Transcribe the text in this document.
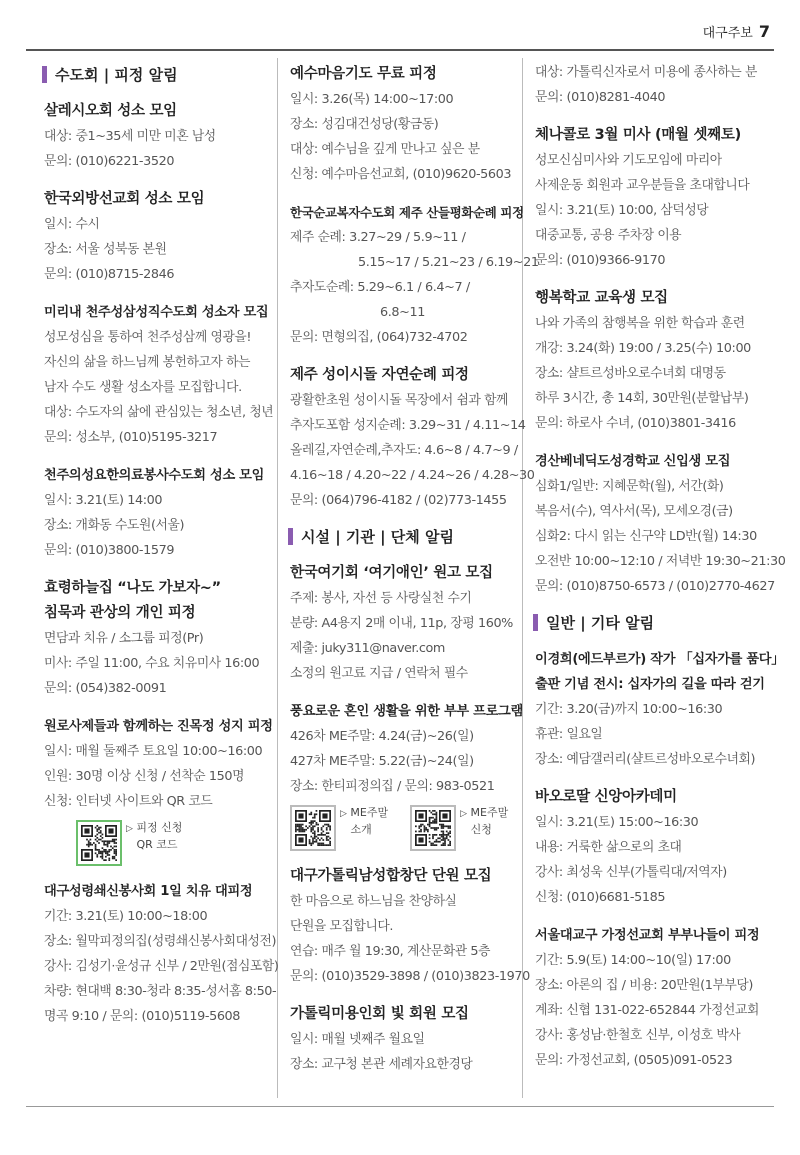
대구주보 7
수도회 | 피정 알림
살레시오회 성소 모임
대상: 중1~35세 미만 미혼 남성
문의: (010)6221-3520
한국외방선교회 성소 모임
일시: 수시
장소: 서울 성북동 본원
문의: (010)8715-2846
미리내 천주성삼성직수도회 성소자 모집
성모성심을 통하여 천주성삼께 영광을!
자신의 삶을 하느님께 봉헌하고자 하는
남자 수도 생활 성소자를 모집합니다.
대상: 수도자의 삶에 관심있는 청소년, 청년
문의: 성소부, (010)5195-3217
천주의성요한의료봉사수도회 성소 모임
일시: 3.21(토) 14:00
장소: 개화동 수도원(서울)
문의: (010)3800-1579
효령하늘집 “나도 가보자~”
침묵과 관상의 개인 피정
면담과 치유 / 소그룹 피정(Pr)
미사: 주일 11:00, 수요 치유미사 16:00
문의: (054)382-0091
원로사제들과 함께하는 진목정 성지 피정
일시: 매월 둘째주 토요일 10:00~16:00
인원: 30명 이상 신청 / 선착순 150명
신청: 인터넷 사이트와 QR 코드
▷ 피정 신청
QR 코드
대구성령쇄신봉사회 1일 치유 대피정
기간: 3.21(토) 10:00~18:00
장소: 월막피정의집(성령쇄신봉사회대성전)
강사: 김성기·윤성규 신부 / 2만원(점심포함)
차량: 현대백 8:30-청라 8:35-성서홈 8:50-
명곡 9:10 / 문의: (010)5119-5608
예수마음기도 무료 피정
일시: 3.26(목) 14:00~17:00
장소: 성김대건성당(황금동)
대상: 예수님을 깊게 만나고 싶은 분
신청: 예수마음선교회, (010)9620-5603
한국순교복자수도회 제주 산들평화순례 피정
제주 순례: 3.27~29 / 5.9~11 /
5.15~17 / 5.21~23 / 6.19~21
추자도순례: 5.29~6.1 / 6.4~7 /
6.8~11
문의: 면형의집, (064)732-4702
제주 성이시돌 자연순례 피정
광활한초원 성이시돌 목장에서 쉼과 함께
추자도포함 성지순례: 3.29~31 / 4.11~14
올레길,자연순례,추자도: 4.6~8 / 4.7~9 /
4.16~18 / 4.20~22 / 4.24~26 / 4.28~30
문의: (064)796-4182 / (02)773-1455
시설 | 기관 | 단체 알림
한국여기회 ‘여기애인’ 원고 모집
주제: 봉사, 자선 등 사랑실천 수기
분량: A4용지 2매 이내, 11p, 장평 160%
제출: juky311@naver.com
소정의 원고료 지급 / 연락처 필수
풍요로운 혼인 생활을 위한 부부 프로그램
426차 ME주말: 4.24(금)~26(일)
427차 ME주말: 5.22(금)~24(일)
장소: 한티피정의집 / 문의: 983-0521
▷ ME주말
소개
▷ ME주말
신청
대구가톨릭남성합창단 단원 모집
한 마음으로 하느님을 찬양하실
단원을 모집합니다.
연습: 매주 월 19:30, 계산문화관 5층
문의: (010)3529-3898 / (010)3823-1970
가톨릭미용인회 빛 회원 모집
일시: 매월 넷째주 월요일
장소: 교구청 본관 세례자요한경당
대상: 가톨릭신자로서 미용에 종사하는 분
문의: (010)8281-4040
체나콜로 3월 미사 (매월 셋째토)
성모신심미사와 기도모임에 마리아
사제운동 회원과 교우분들을 초대합니다
일시: 3.21(토) 10:00, 삼덕성당
대중교통, 공용 주차장 이용
문의: (010)9366-9170
행복학교 교육생 모집
나와 가족의 참행복을 위한 학습과 훈련
개강: 3.24(화) 19:00 / 3.25(수) 10:00
장소: 샬트르성바오로수녀회 대명동
하루 3시간, 총 14회, 30만원(분할납부)
문의: 하로사 수녀, (010)3801-3416
경산베네딕도성경학교 신입생 모집
심화1/일반: 지혜문학(월), 서간(화)
복음서(수), 역사서(목), 모세오경(금)
심화2: 다시 읽는 신구약 LD반(월) 14:30
오전반 10:00~12:10 / 저녁반 19:30~21:30
문의: (010)8750-6573 / (010)2770-4627
일반 | 기타 알림
이경희(에드부르가) 작가 「십자가를 품다」
출판 기념 전시: 십자가의 길을 따라 걷기
기간: 3.20(금)까지 10:00~16:30
휴관: 일요일
장소: 예담갤러리(샬트르성바오로수녀회)
바오로딸 신앙아카데미
일시: 3.21(토) 15:00~16:30
내용: 거룩한 삶으로의 초대
강사: 최성욱 신부(가톨릭대/저역자)
신청: (010)6681-5185
서울대교구 가정선교회 부부나들이 피정
기간: 5.9(토) 14:00~10(일) 17:00
장소: 아론의 집 / 비용: 20만원(1부부당)
계좌: 신협 131-022-652844 가정선교회
강사: 홍성남·한철호 신부, 이성호 박사
문의: 가정선교회, (0505)091-0523
